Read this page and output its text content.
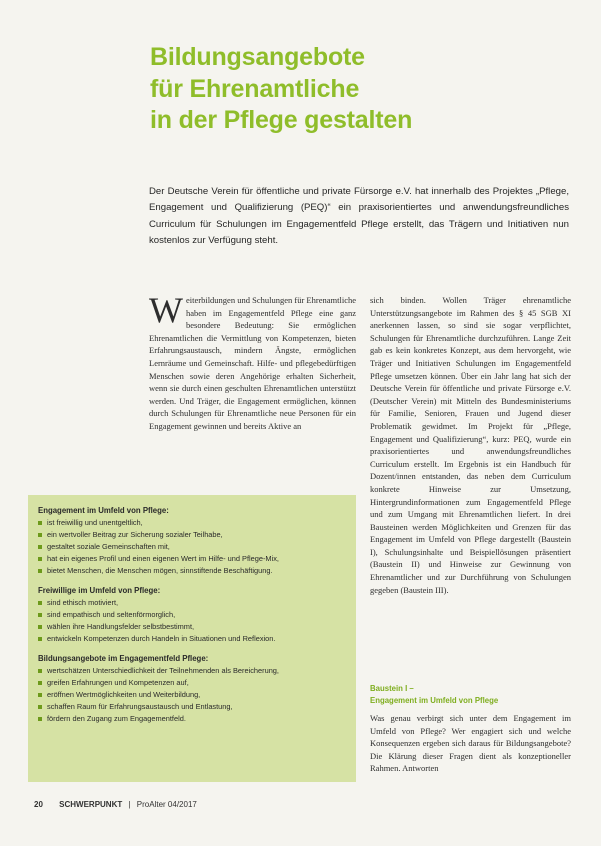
Bildungsangebote
für Ehrenamtliche
in der Pflege gestalten

Der Deutsche Verein für öffentliche und private Fürsorge e.V. hat innerhalb des Projektes „Pflege, Engagement und Qualifizierung (PEQ)“ ein praxisorientiertes und anwendungsfreundliches Curriculum für Schulungen im Engagementfeld Pflege erstellt, das Trägern und Initiativen nun kostenlos zur Verfügung steht.

Weiterbildungen und Schulungen für Ehrenamtliche haben im Engagementfeld Pflege eine ganz besondere Bedeutung: Sie ermöglichen Ehrenamtlichen die Vermittlung von Kompetenzen, bieten Erfahrungsaustausch, mindern Ängste, ermöglichen Lernräume und Gemeinschaft. Hilfe- und pflegebedürftigen Menschen sowie deren Angehörige erhalten Sicherheit, wenn sie durch einen geschulten Ehrenamtlichen unterstützt werden. Und Träger, die Engagement ermöglichen, können durch Schulungen für Ehrenamtliche neue Personen für ein Engagement gewinnen und bereits Aktive an

sich binden. Wollen Träger ehrenamtliche Unterstützungsangebote im Rahmen des § 45 SGB XI anerkennen lassen, so sind sie sogar verpflichtet, Schulungen für Ehrenamtliche durchzuführen. Lange Zeit gab es kein konkretes Konzept, aus dem hervorgeht, wie Träger und Initiativen Schulungen im Engagementfeld Pflege umsetzen können. Über ein Jahr lang hat sich der Deutsche Verein für öffentliche und private Fürsorge e.V. (Deutscher Verein) mit Mitteln des Bundesministeriums für Familie, Senioren, Frauen und Jugend dieser Problematik gewidmet. Im Projekt für „Pflege, Engagement und Qualifizierung“, kurz: PEQ, wurde ein praxisorientiertes und anwendungsfreundliches Curriculum erstellt. Im Ergebnis ist ein Handbuch für Dozent/innen entstanden, das neben dem Curriculum konkrete Hinweise zur Umsetzung, Hintergrundinformationen zum Engagementfeld Pflege und zum Umgang mit Ehrenamtlichen liefert. In drei Bausteinen werden Möglichkeiten und Grenzen für das Engagement im Umfeld von Pflege dargestellt (Baustein I), Schulungsinhalte und Beispiellösungen präsentiert (Baustein II) und Hinweise zur Gewinnung von Ehrenamtlicher und zur Durchführung von Schulungen gegeben (Baustein III).

Engagement im Umfeld von Pflege:
ist freiwillig und unentgeltlich,
ein wertvoller Beitrag zur Sicherung sozialer Teilhabe,
gestaltet soziale Gemeinschaften mit,
hat ein eigenes Profil und einen eigenen Wert im Hilfe- und Pflege-Mix,
bietet Menschen, die Menschen mögen, sinnstiftende Beschäftigung.
Freiwillige im Umfeld von Pflege:
sind ethisch motiviert,
sind empathisch und seltenförmorglich,
wählen ihre Handlungsfelder selbstbestimmt,
entwickeln Kompetenzen durch Handeln in Situationen und Reflexion.
Bildungsangebote im Engagementfeld Pflege:
wertschätzen Unterschiedlichkeit der Teilnehmenden als Bereicherung,
greifen Erfahrungen und Kompetenzen auf,
eröffnen Wertmöglichkeiten und Weiterbildung,
schaffen Raum für Erfahrungsaustausch und Entlastung,
fördern den Zugang zum Engagementfeld.
Baustein I –
Engagement im Umfeld von Pflege

Was genau verbirgt sich unter dem Engagement im Umfeld von Pflege? Wer engagiert sich und welche Konsequenzen ergeben sich daraus für Bildungsangebote? Die Klärung dieser Fragen dient als konzeptioneller Rahmen. Antworten

20 SCHWERPUNKT | ProAlter 04/2017
